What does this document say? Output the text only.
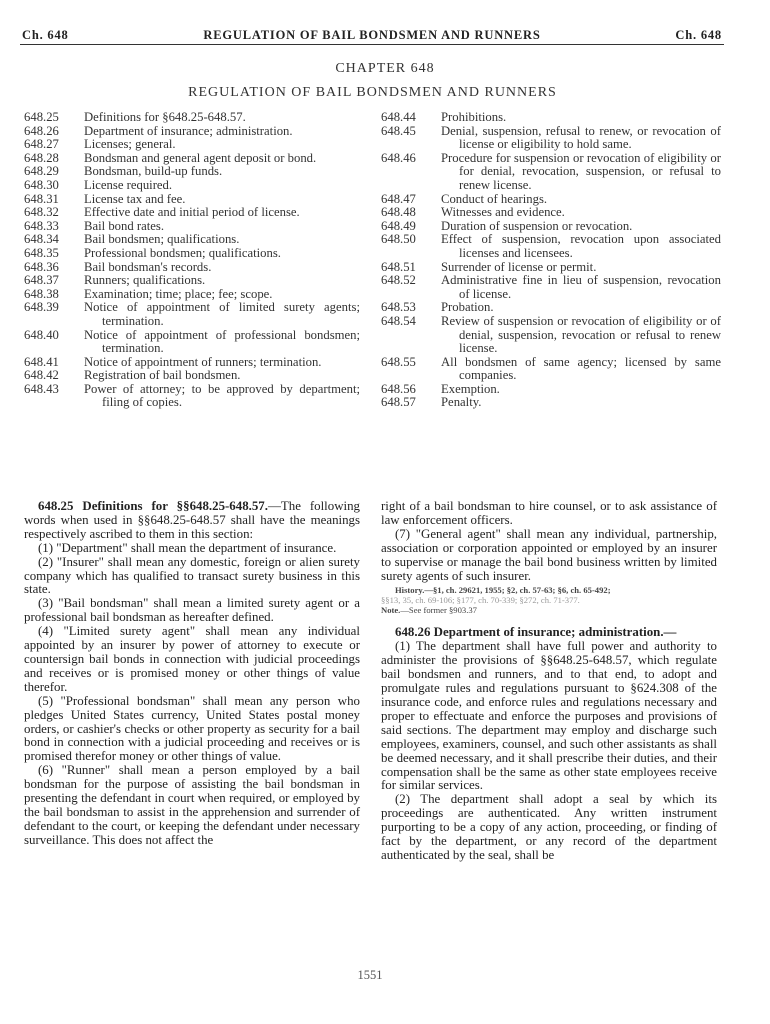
Ch. 648	REGULATION OF BAIL BONDSMEN AND RUNNERS	Ch. 648
CHAPTER 648
REGULATION OF BAIL BONDSMEN AND RUNNERS
648.25	Definitions for §648.25-648.57.
648.26	Department of insurance; administration.
648.27	Licenses; general.
648.28	Bondsman and general agent deposit or bond.
648.29	Bondsman, build-up funds.
648.30	License required.
648.31	License tax and fee.
648.32	Effective date and initial period of license.
648.33	Bail bond rates.
648.34	Bail bondsmen; qualifications.
648.35	Professional bondsmen; qualifications.
648.36	Bail bondsman's records.
648.37	Runners; qualifications.
648.38	Examination; time; place; fee; scope.
648.39	Notice of appointment of limited surety agents; termination.
648.40	Notice of appointment of professional bondsmen; termination.
648.41	Notice of appointment of runners; termination.
648.42	Registration of bail bondsmen.
648.43	Power of attorney; to be approved by department; filing of copies.
648.44	Prohibitions.
648.45	Denial, suspension, refusal to renew, or revocation of license or eligibility to hold same.
648.46	Procedure for suspension or revocation of eligibility or for denial, revocation, suspension, or refusal to renew license.
648.47	Conduct of hearings.
648.48	Witnesses and evidence.
648.49	Duration of suspension or revocation.
648.50	Effect of suspension, revocation upon associated licenses and licensees.
648.51	Surrender of license or permit.
648.52	Administrative fine in lieu of suspension, revocation of license.
648.53	Probation.
648.54	Review of suspension or revocation of eligibility or of denial, suspension, revocation or refusal to renew license.
648.55	All bondsmen of same agency; licensed by same companies.
648.56	Exemption.
648.57	Penalty.

648.25 Definitions for §§648.25-648.57.—The following words when used in §§648.25-648.57 shall have the meanings respectively ascribed to them in this section:

(1) "Department" shall mean the department of insurance.

(2) "Insurer" shall mean any domestic, foreign or alien surety company which has qualified to transact surety business in this state.

(3) "Bail bondsman" shall mean a limited surety agent or a professional bail bondsman as hereafter defined.

(4) "Limited surety agent" shall mean any individual appointed by an insurer by power of attorney to execute or countersign bail bonds in connection with judicial proceedings and receives or is promised money or other things of value therefor.

(5) "Professional bondsman" shall mean any person who pledges United States currency, United States postal money orders, or cashier's checks or other property as security for a bail bond in connection with a judicial proceeding and receives or is promised therefor money or other things of value.

(6) "Runner" shall mean a person employed by a bail bondsman for the purpose of assisting the bail bondsman in presenting the defendant in court when required, or employed by the bail bondsman to assist in the apprehension and surrender of defendant to the court, or keeping the defendant under necessary surveillance. This does not affect the

right of a bail bondsman to hire counsel, or to ask assistance of law enforcement officers.

(7) "General agent" shall mean any individual, partnership, association or corporation appointed or employed by an insurer to supervise or manage the bail bond business written by limited surety agents of such insurer.

History.—§1, ch. 29621, 1955; §2, ch. 57-63; §6, ch. 65-492;
§§13, 35, ch. 69-106; §177, ch. 70-339; §272, ch. 71-377.
Note.—See former §903.37

648.26 Department of insurance; administration.—

(1) The department shall have full power and authority to administer the provisions of §§648.25-648.57, which regulate bail bondsmen and runners, and to that end, to adopt and promulgate rules and regulations pursuant to §624.308 of the insurance code, and enforce rules and regulations necessary and proper to effectuate and enforce the purposes and provisions of said sections. The department may employ and discharge such employees, examiners, counsel, and such other assistants as shall be deemed necessary, and it shall prescribe their duties, and their compensation shall be the same as other state employees receive for similar services.

(2) The department shall adopt a seal by which its proceedings are authenticated. Any written instrument purporting to be a copy of any action, proceeding, or finding of fact by the department, or any record of the department authenticated by the seal, shall be

1551
